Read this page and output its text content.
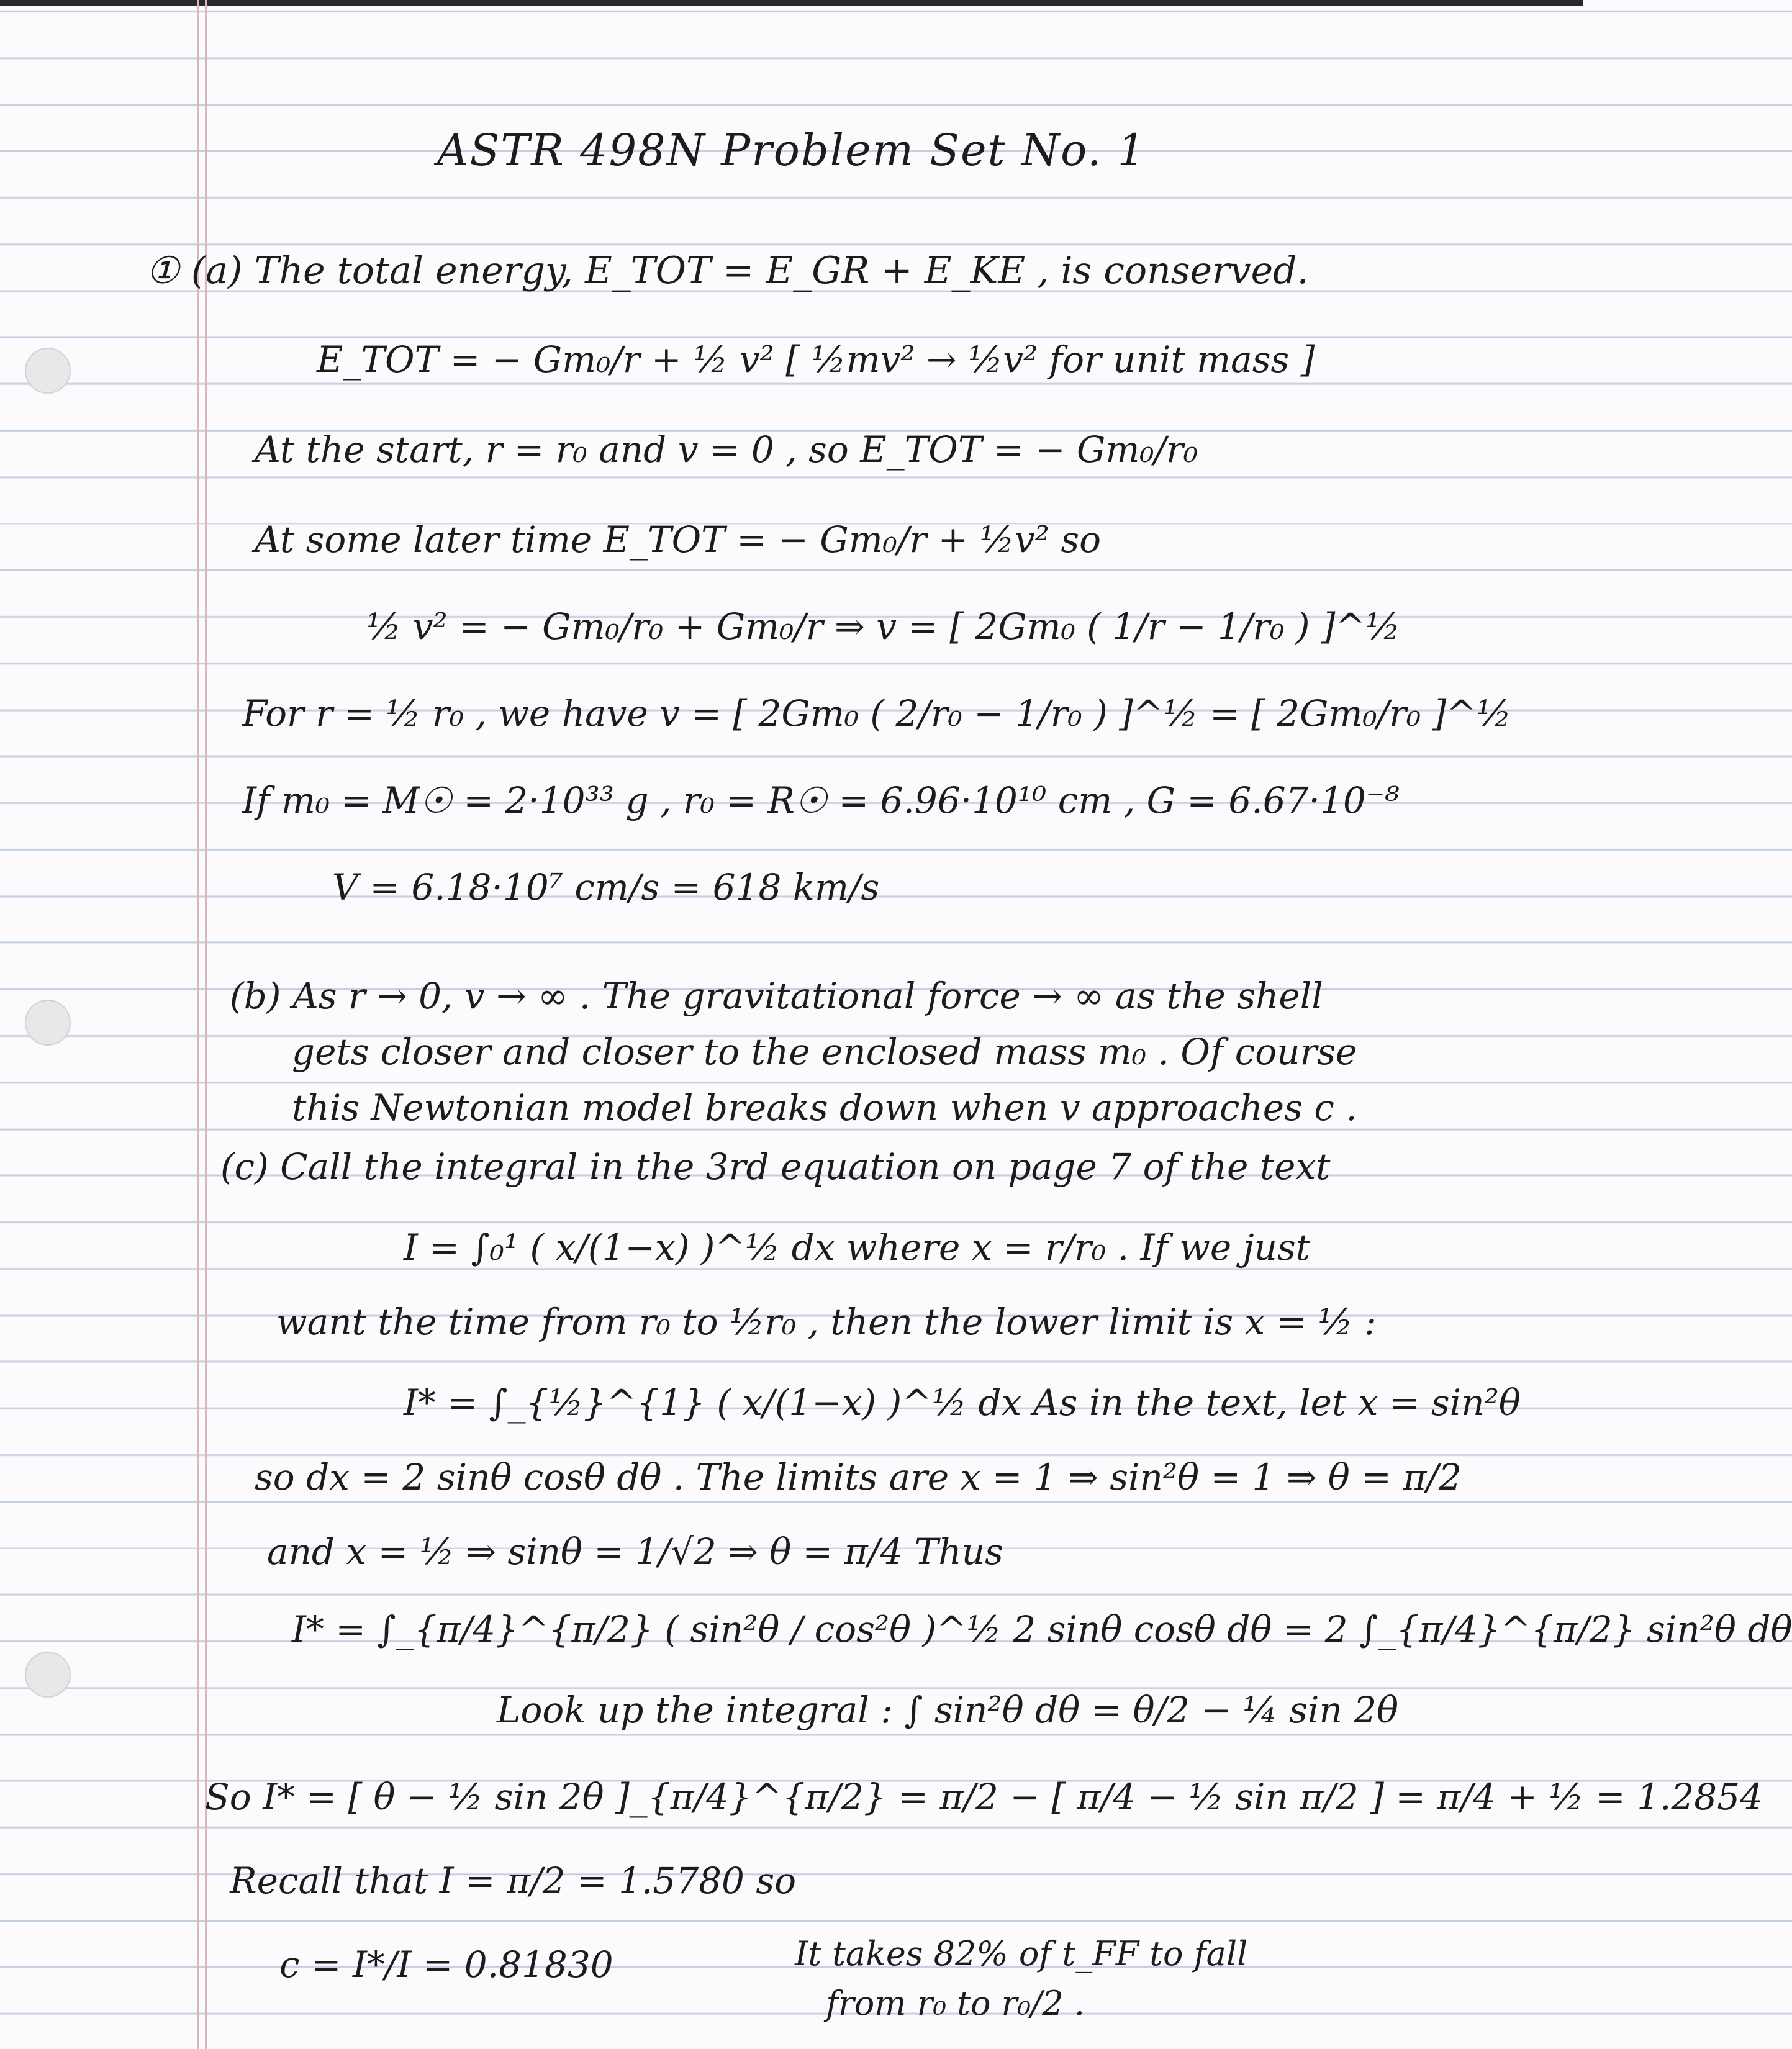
ASTR 498N Problem Set No. 1

① (a) The total energy, E_TOT = E_GR + E_KE , is conserved.

E_TOT = − Gm₀/r + ½ v² [ ½mv² → ½v² for unit mass ]

At the start, r = r₀ and v = 0 , so E_TOT = − Gm₀/r₀

At some later time E_TOT = − Gm₀/r + ½v² so

½ v² = − Gm₀/r₀ + Gm₀/r ⇒ v = [ 2Gm₀ ( 1/r − 1/r₀ ) ]^½

For r = ½ r₀ , we have v = [ 2Gm₀ ( 2/r₀ − 1/r₀ ) ]^½ = [ 2Gm₀/r₀ ]^½

If m₀ = M☉ = 2·10³³ g , r₀ = R☉ = 6.96·10¹⁰ cm , G = 6.67·10⁻⁸

V = 6.18·10⁷ cm/s = 618 km/s

(b) As r → 0, v → ∞ . The gravitational force → ∞ as the shell

gets closer and closer to the enclosed mass m₀ . Of course

this Newtonian model breaks down when v approaches c .

(c) Call the integral in the 3rd equation on page 7 of the text

I = ∫₀¹ ( x/(1−x) )^½ dx where x = r/r₀ . If we just

want the time from r₀ to ½r₀ , then the lower limit is x = ½ :

I* = ∫_{½}^{1} ( x/(1−x) )^½ dx As in the text, let x = sin²θ

so dx = 2 sinθ cosθ dθ . The limits are x = 1 ⇒ sin²θ = 1 ⇒ θ = π/2

and x = ½ ⇒ sinθ = 1/√2 ⇒ θ = π/4 Thus

I* = ∫_{π/4}^{π/2} ( sin²θ / cos²θ )^½ 2 sinθ cosθ dθ = 2 ∫_{π/4}^{π/2} sin²θ dθ

Look up the integral : ∫ sin²θ dθ = θ/2 − ¼ sin 2θ

So I* = [ θ − ½ sin 2θ ]_{π/4}^{π/2} = π/2 − [ π/4 − ½ sin π/2 ] = π/4 + ½ = 1.2854

Recall that I = π/2 = 1.5780 so

c = I*/I = 0.81830	It takes 82% of t_FF to fall

from r₀ to r₀/2 .
